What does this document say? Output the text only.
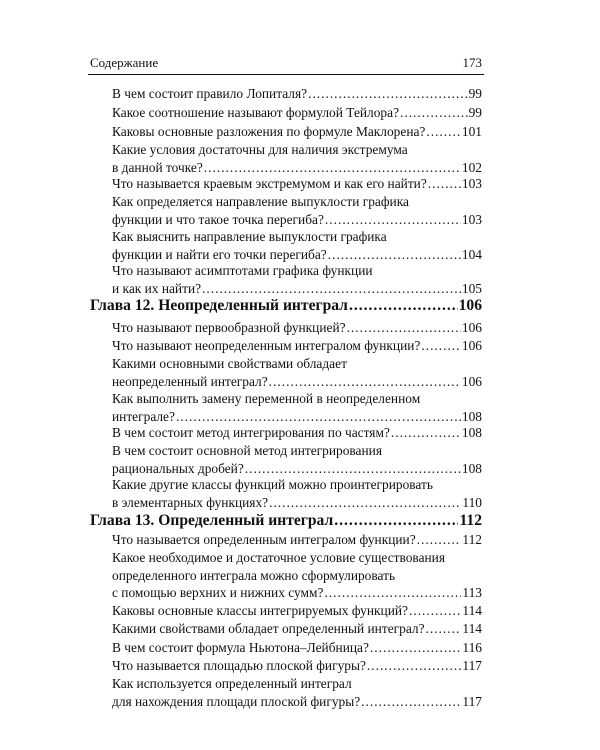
Содержание	173
В чем состоит правило Лопиталя? .....	99
Какое соотношение называют формулой Тейлора? .....	99
Каковы основные разложения по формуле Маклорена? .....	101
Какие условия достаточны для наличия экстремума
в данной точке? .....	102
Что называется краевым экстремумом и как его найти? .....	103
Как определяется направление выпуклости графика
функции и что такое точка перегиба? .....	103
Как выяснить направление выпуклости графика
функции и найти его точки перегиба? .....	104
Что называют асимптотами графика функции
и как их найти? .....	105
Глава 12. Неопределенный интеграл .....	106
Что называют первообразной функцией? .....	106
Что называют неопределенным интегралом функции? .....	106
Какими основными свойствами обладает
неопределенный интеграл? .....	106
Как выполнить замену переменной в неопределенном
интеграле? .....	108
В чем состоит метод интегрирования по частям? .....	108
В чем состоит основной метод интегрирования
рациональных дробей? .....	108
Какие другие классы функций можно проинтегрировать
в элементарных функциях? .....	110
Глава 13. Определенный интеграл .....	112
Что называется определенным интегралом функции? .....	112
Какое необходимое и достаточное условие существования
определенного интеграла можно сформулировать
с помощью верхних и нижних сумм? .....	113
Каковы основные классы интегрируемых функций? .....	114
Какими свойствами обладает определенный интеграл? .....	114
В чем состоит формула Ньютона–Лейбница? .....	116
Что называется площадью плоской фигуры? .....	117
Как используется определенный интеграл
для нахождения площади плоской фигуры? .....	117
